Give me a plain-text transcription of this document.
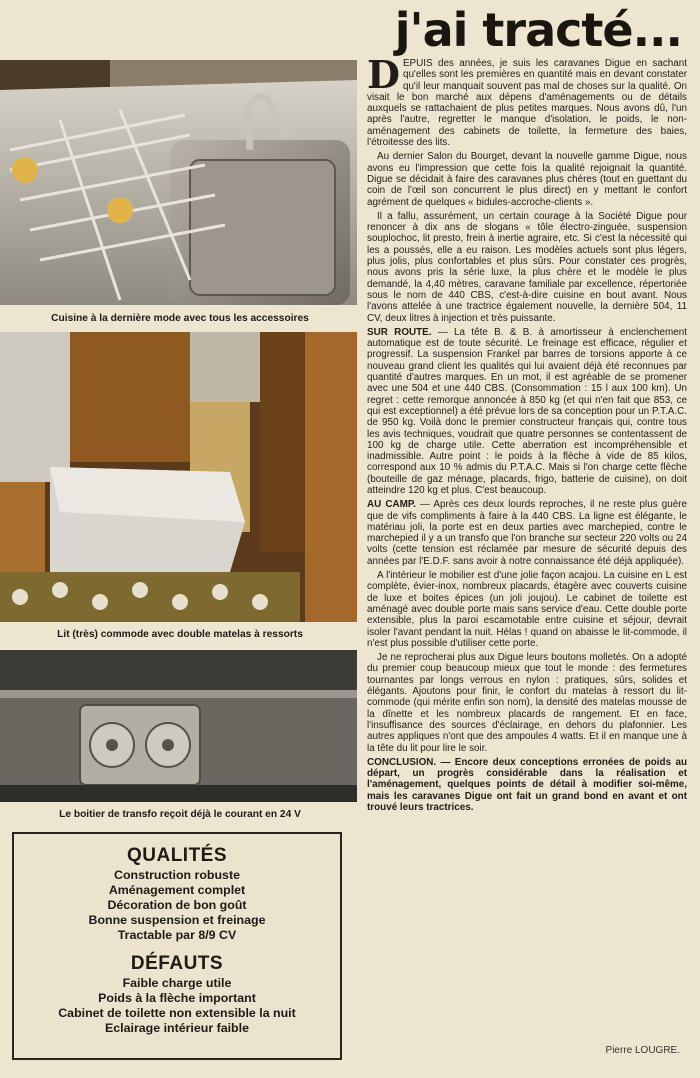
j'ai tracté...
Cuisine à la dernière mode avec tous les accessoires
Lit (très) commode avec double matelas à ressorts
Le boitier de transfo reçoit déjà le courant en 24 V
QUALITÉS
Construction robuste
Aménagement complet
Décoration de bon goût
Bonne suspension et freinage
Tractable par 8/9 CV
DÉFAUTS
Faible charge utile
Poids à la flèche important
Cabinet de toilette non extensible la nuit
Eclairage intérieur faible

DEPUIS des années, je suis les caravanes Digue en sachant qu'elles sont les premières en quantité mais en devant constater qu'il leur manquait souvent pas mal de choses sur la qualité. On visait le bon marché aux dépens d'aménagements ou de détails auxquels se rattachaient de plus petites marques. Nous avons dû, l'un après l'autre, regretter le manque d'isolation, le poids, le non-aménagement des cabinets de toilette, la fermeture des baies, l'étroitesse des lits.

Au dernier Salon du Bourget, devant la nouvelle gamme Digue, nous avons eu l'impression que cette fois la qualité rejoignait la quantité. Digue se décidait à faire des caravanes plus chères (tout en guettant du coin de l'œil son concurrent le plus direct) en y mettant le confort agrément de quelques « bidules-accroche-clients ».

Il a fallu, assurément, un certain courage à la Société Digue pour renoncer à dix ans de slogans « tôle électro-zinguée, suspension souplochoc, lit presto, frein à inertie agraire, etc. Si c'est la nécessité qui les a poussés, elle a eu raison. Les modèles actuels sont plus légers, plus jolis, plus confortables et plus sûrs. Pour constater ces progrès, nous avons pris la série luxe, la plus chère et le modèle le plus demandé, la 4,40 mètres, caravane familiale par excellence, répertoriée sous le nom de 440 CBS, c'est-à-dire cuisine en bout avant. Nous l'avons attelée à une tractrice également nouvelle, la dernière 504, 11 CV, deux litres à injection et très puissante.

SUR ROUTE. — La tête B. & B. à amortisseur à enclenchement automatique est de toute sécurité. Le freinage est efficace, régulier et progressif. La suspension Frankel par barres de torsions apporte à ce nouveau grand client les qualités qui lui avaient déjà été reconnues par quantité d'autres marques. En un mot, il est agréable de se promener avec une 504 et une 440 CBS. (Consommation : 15 l aux 100 km). Un regret : cette remorque annoncée à 850 kg (et qui n'en fait que 853, ce qui est exceptionnel) a été prévue lors de sa conception pour un P.T.A.C. de 950 kg. Voilà donc le premier constructeur français qui, contre tous les avis techniques, voudrait que quatre personnes se contentassent de 100 kg de charge utile. Cette aberration est incompréhensible et inadmissible. Autre point : le poids à la flèche à vide de 85 kilos, correspond aux 10 % admis du P.T.A.C. Mais si l'on charge cette flèche (bouteille de gaz ménage, placards, frigo, batterie de cuisine), on doit atteindre 120 kg et plus. C'est beaucoup.

AU CAMP. — Après ces deux lourds reproches, il ne reste plus guère que de vifs compliments à faire à la 440 CBS. La ligne est élégante, le matériau joli, la porte est en deux parties avec marchepied, contre le marchepied il y a un transfo que l'on branche sur secteur 220 volts ou 24 volts (cette tension est réclamée par mesure de sécurité depuis des années par l'E.D.F. sans avoir à notre connaissance été déjà appliquée).

A l'intérieur le mobilier est d'une jolie façon acajou. La cuisine en L est complète, évier-inox, nombreux placards, étagère avec couverts cuisine de luxe et boites épices (un joli joujou). Le cabinet de toilette est aménagé avec double porte mais sans service d'eau. Cette double porte extensible, plus la paroi escamotable entre cuisine et séjour, devrait isoler l'avant pendant la nuit. Hélas ! quand on abaisse le lit-commode, il n'est plus possible d'utiliser cette porte.

Je ne reprocherai plus aux Digue leurs boutons molletés. On a adopté du premier coup beaucoup mieux que tout le monde : des fermetures tournantes par longs verrous en nylon : pratiques, sûrs, solides et élégants. Ajoutons pour finir, le confort du matelas à ressort du lit-commode (qui mérite enfin son nom), la densité des matelas mousse de la dînette et les nombreux placards de rangement. Et en face, l'insuffisance des sources d'éclairage, en dehors du plafonnier. Les autres appliques n'ont que des ampoules 4 watts. Et il en manque une à la tête du lit pour lire le soir.

CONCLUSION. — Encore deux conceptions erronées de poids au départ, un progrès considérable dans la réalisation et l'aménagement, quelques points de détail à modifier soi-même, mais les caravanes Digue ont fait un grand bond en avant et ont trouvé leurs tractrices.

Pierre LOUGRE.
